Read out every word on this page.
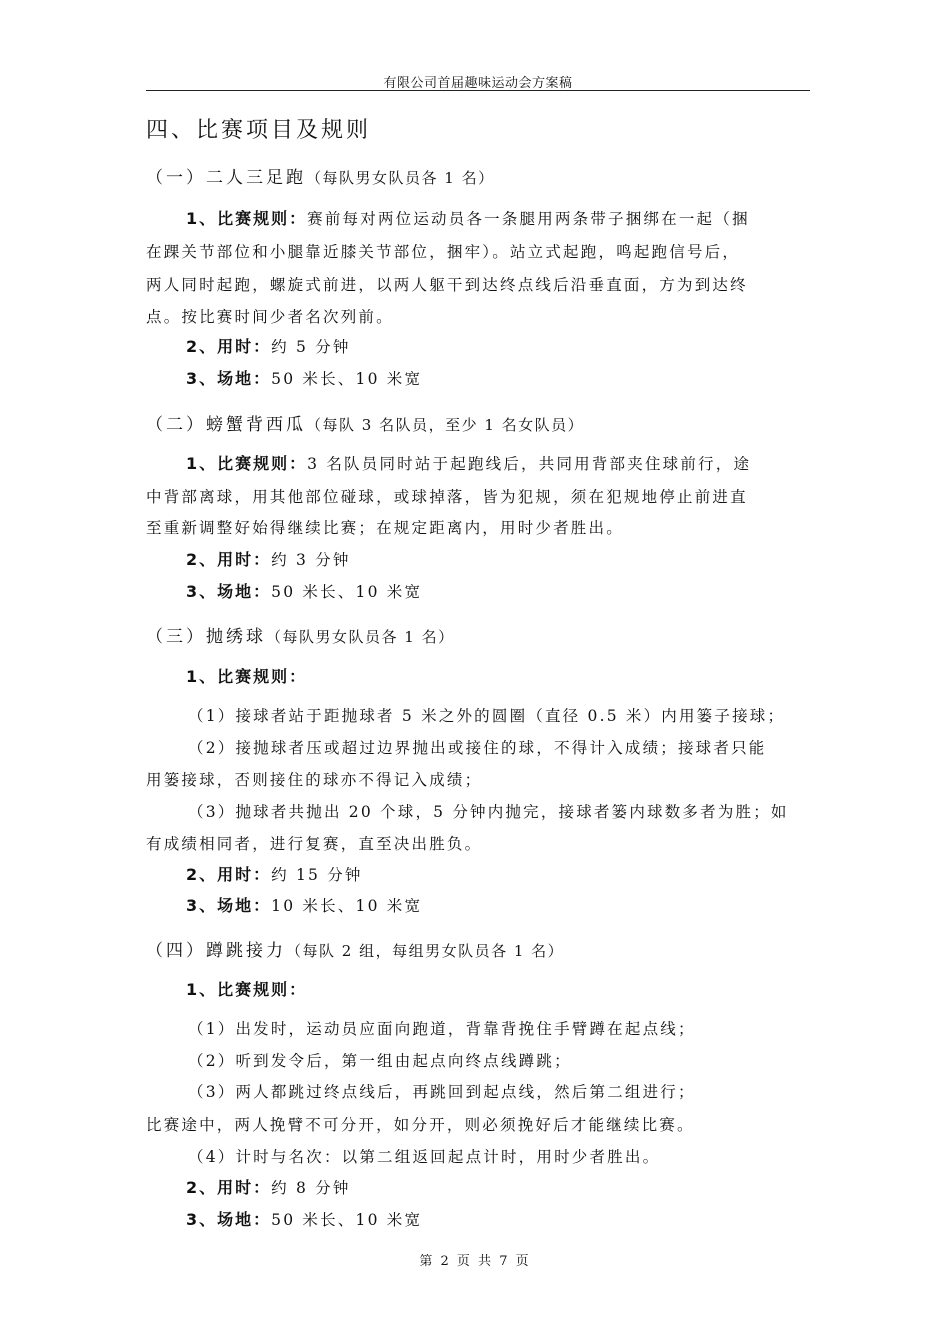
有限公司首届趣味运动会方案稿
四、比赛项目及规则
（一）二人三足跑（每队男女队员各 1 名）
1、比赛规则：赛前每对两位运动员各一条腿用两条带子捆绑在一起（捆
在踝关节部位和小腿靠近膝关节部位，捆牢）。站立式起跑，鸣起跑信号后，
两人同时起跑，螺旋式前进，以两人躯干到达终点线后沿垂直面，方为到达终
点。按比赛时间少者名次列前。
2、用时：约 5 分钟
3、场地：50 米长、10 米宽
（二）螃蟹背西瓜（每队 3 名队员，至少 1 名女队员）
1、比赛规则：3 名队员同时站于起跑线后，共同用背部夹住球前行，途
中背部离球，用其他部位碰球，或球掉落，皆为犯规，须在犯规地停止前进直
至重新调整好始得继续比赛；在规定距离内，用时少者胜出。
2、用时：约 3 分钟
3、场地：50 米长、10 米宽
（三）抛绣球（每队男女队员各 1 名）
1、比赛规则：
（1）接球者站于距抛球者 5 米之外的圆圈（直径 0.5 米）内用篓子接球；
（2）接抛球者压或超过边界抛出或接住的球，不得计入成绩；接球者只能
用篓接球，否则接住的球亦不得记入成绩；
（3）抛球者共抛出 20 个球，5 分钟内抛完，接球者篓内球数多者为胜；如
有成绩相同者，进行复赛，直至决出胜负。
2、用时：约 15 分钟
3、场地：10 米长、10 米宽
（四）蹲跳接力（每队 2 组，每组男女队员各 1 名）
1、比赛规则：
（1）出发时，运动员应面向跑道，背靠背挽住手臂蹲在起点线；
（2）听到发令后，第一组由起点向终点线蹲跳；
（3）两人都跳过终点线后，再跳回到起点线，然后第二组进行；
比赛途中，两人挽臂不可分开，如分开，则必须挽好后才能继续比赛。
（4）计时与名次：以第二组返回起点计时，用时少者胜出。
2、用时：约 8 分钟
3、场地：50 米长、10 米宽
第 2 页 共 7 页
